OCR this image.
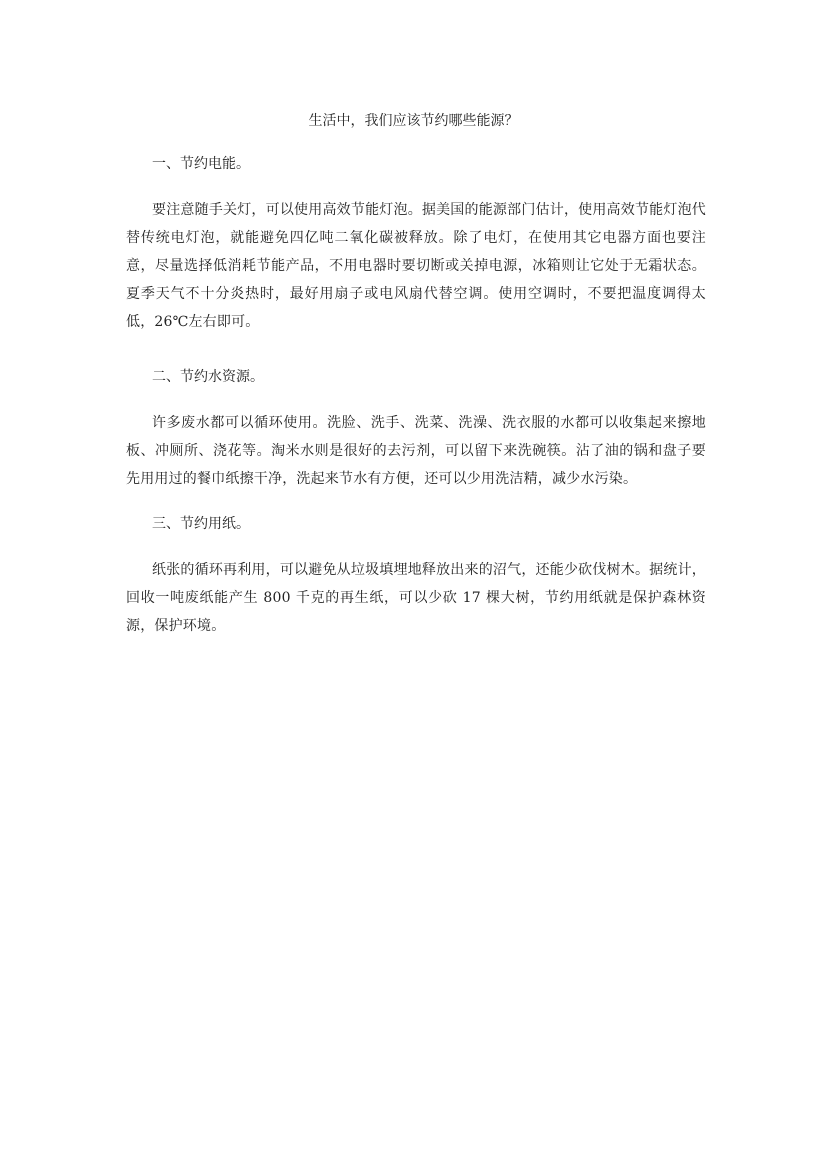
生活中，我们应该节约哪些能源？
一、节约电能。
要注意随手关灯，可以使用高效节能灯泡。据美国的能源部门估计，使用高效节能灯泡代替传统电灯泡，就能避免四亿吨二氧化碳被释放。除了电灯，在使用其它电器方面也要注意，尽量选择低消耗节能产品，不用电器时要切断或关掉电源，冰箱则让它处于无霜状态。夏季天气不十分炎热时，最好用扇子或电风扇代替空调。使用空调时，不要把温度调得太低，26℃左右即可。
二、节约水资源。
许多废水都可以循环使用。洗脸、洗手、洗菜、洗澡、洗衣服的水都可以收集起来擦地板、冲厕所、浇花等。淘米水则是很好的去污剂，可以留下来洗碗筷。沾了油的锅和盘子要先用用过的餐巾纸擦干净，洗起来节水有方便，还可以少用洗洁精，减少水污染。
三、节约用纸。
纸张的循环再利用，可以避免从垃圾填埋地释放出来的沼气，还能少砍伐树木。据统计，回收一吨废纸能产生 800 千克的再生纸，可以少砍 17 棵大树，节约用纸就是保护森林资源，保护环境。
